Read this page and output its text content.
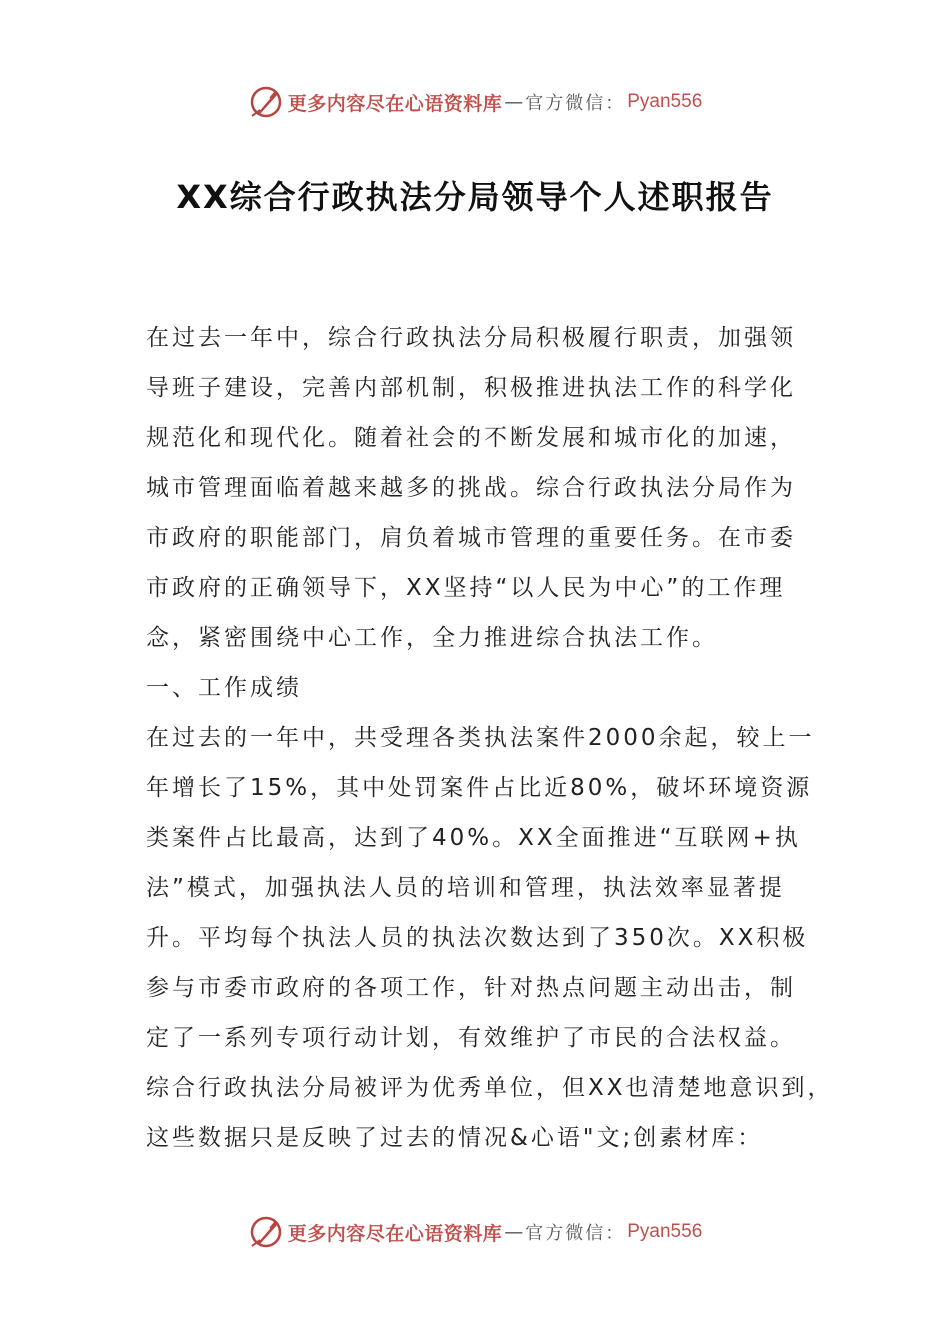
更多内容尽在心语资料库 — 官方微信： Pyan556
XX综合行政执法分局领导个人述职报告
在过去一年中，综合行政执法分局积极履行职责，加强领
导班子建设，完善内部机制，积极推进执法工作的科学化
规范化和现代化。随着社会的不断发展和城市化的加速，
城市管理面临着越来越多的挑战。综合行政执法分局作为
市政府的职能部门，肩负着城市管理的重要任务。在市委
市政府的正确领导下，XX坚持“以人民为中心”的工作理
念，紧密围绕中心工作，全力推进综合执法工作。
一、工作成绩
在过去的一年中，共受理各类执法案件2000余起，较上一
年增长了15%，其中处罚案件占比近80%，破坏环境资源
类案件占比最高，达到了40%。XX全面推进“互联网+执
法”模式，加强执法人员的培训和管理，执法效率显著提
升。平均每个执法人员的执法次数达到了350次。XX积极
参与市委市政府的各项工作，针对热点问题主动出击，制
定了一系列专项行动计划，有效维护了市民的合法权益。
综合行政执法分局被评为优秀单位，但XX也清楚地意识到，
这些数据只是反映了过去的情况&心语"文;创素材库：
更多内容尽在心语资料库 — 官方微信： Pyan556
